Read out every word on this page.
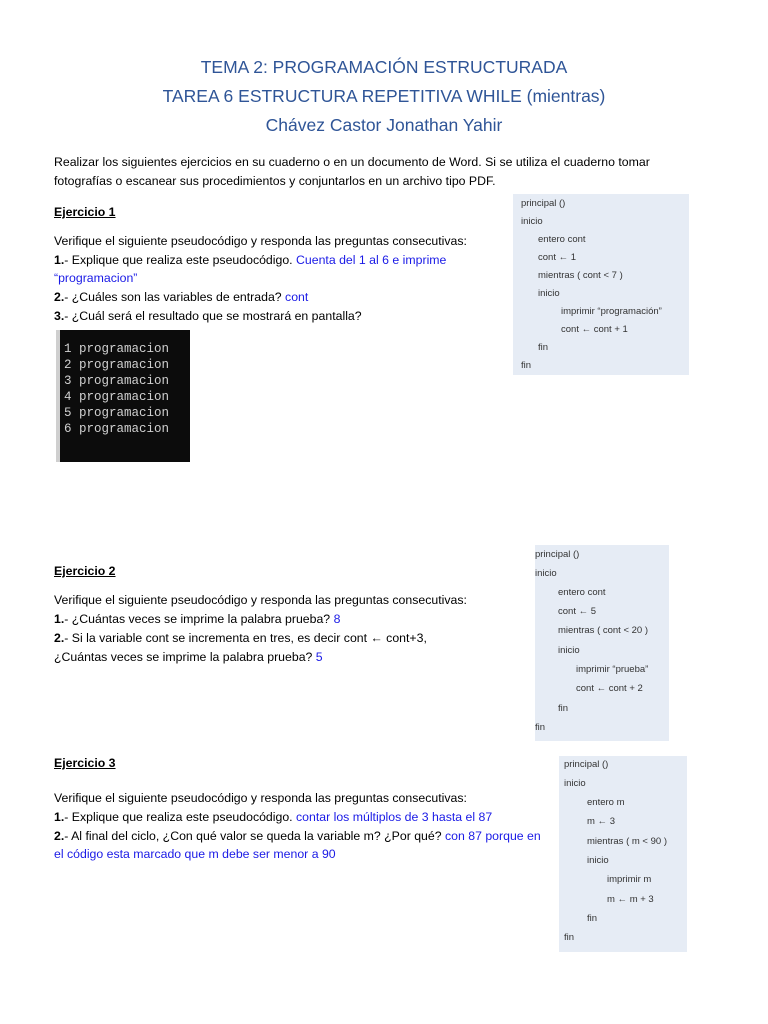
TEMA 2: PROGRAMACIÓN ESTRUCTURADA
TAREA 6 ESTRUCTURA REPETITIVA WHILE (mientras)
Chávez Castor Jonathan Yahir
Realizar los siguientes ejercicios en su cuaderno o en un documento de Word. Si se utiliza el cuaderno tomar
fotografías o escanear sus procedimientos y conjuntarlos en un archivo tipo PDF.
Ejercicio 1
Verifique el siguiente pseudocódigo y responda las preguntas consecutivas:
1.- Explique que realiza este pseudocódigo. Cuenta del 1 al 6 e imprime “programacion”
2.- ¿Cuáles son las variables de entrada? cont
3.- ¿Cuál será el resultado que se mostrará en pantalla?
1 programacion
2 programacion
3 programacion
4 programacion
5 programacion
6 programacion
principal ()
inicio
entero cont
cont ← 1
mientras ( cont < 7 )
inicio
imprimir “programación”
cont ← cont + 1
fin
fin
Ejercicio 2
Verifique el siguiente pseudocódigo y responda las preguntas consecutivas:
1.- ¿Cuántas veces se imprime la palabra prueba? 8
2.- Si la variable cont se incrementa en tres, es decir cont ← cont+3,
¿Cuántas veces se imprime la palabra prueba? 5
principal ()
inicio
entero cont
cont ← 5
mientras ( cont < 20 )
inicio
imprimir “prueba”
cont ← cont + 2
fin
fin
Ejercicio 3
Verifique el siguiente pseudocódigo y responda las preguntas consecutivas:
1.- Explique que realiza este pseudocódigo. contar los múltiplos de 3 hasta el 87
2.- Al final del ciclo, ¿Con qué valor se queda la variable m? ¿Por qué? con 87 porque en el código esta marcado que m debe ser menor a 90
principal ()
inicio
entero m
m ← 3
mientras ( m < 90 )
inicio
imprimir m
m ← m + 3
fin
fin
